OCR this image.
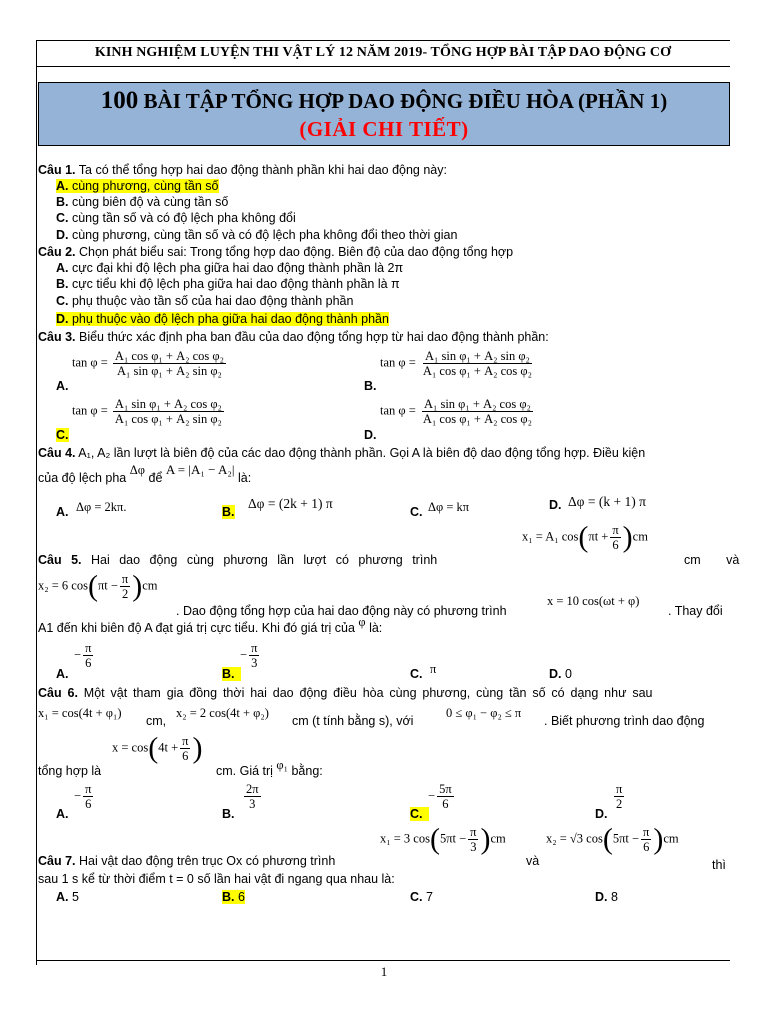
KINH NGHIỆM LUYỆN THI VẬT LÝ 12 NĂM 2019- TỔNG HỢP BÀI TẬP DAO ĐỘNG CƠ
100 BÀI TẬP TỔNG HỢP DAO ĐỘNG ĐIỀU HÒA (PHẦN 1)
(GIẢI CHI TIẾT)
Câu 1. Ta có thể tổng hợp hai dao động thành phần khi hai dao động này:
A. cùng phương, cùng tần số
B. cùng biên độ và cùng tần số
C. cùng tần số và có độ lệch pha không đổi
D. cùng phương, cùng tần số và có độ lệch pha không đổi theo thời gian
Câu 2. Chọn phát biểu sai: Trong tổng hợp dao động. Biên độ của dao động tổng hợp
A. cực đại khi độ lệch pha giữa hai dao động thành phần là 2π
B. cực tiểu khi độ lệch pha giữa hai dao động thành phần là π
C. phụ thuộc vào tần số của hai dao động thành phần
D. phụ thuộc vào độ lệch pha giữa hai dao động thành phần
Câu 3. Biểu thức xác định pha ban đầu của dao động tổng hợp từ hai dao động thành phần:
A.
$\tan \varphi = \frac{\text{A₁ cos φ₁ + A₂ cos φ₂}}{\text{A₁ sin φ₁ + A₂ sin φ₂}}$
B.
$\tan \varphi = \frac{\text{A₁ sin φ₁ + A₂ sin φ₂}}{\text{A₁ cos φ₁ + A₂ cos φ₂}}$
C.
$\tan \varphi = \frac{\text{A₁ sin φ₁ + A₂ cos φ₂}}{\text{A₁ cos φ₁ + A₂ sin φ₂}}$
D.
$\tan \varphi = \frac{\text{A₁ sin φ₁ + A₂ cos φ₂}}{\text{A₁ cos φ₁ + A₂ cos φ₂}}$
Câu 4. A₁, A₂ lần lượt là biên độ của các dao động thành phần. Gọi A là biên độ dao động tổng hợp. Điều kiện
của độ lệch pha Δφ để A = |A₁ − A₂| là:
A. Δφ = 2kπ.	B.
Δφ = (2k + 1) π
C. Δφ = kπ	D. Δφ = (k + 1) π
Câu 5. Hai dao động cùng phương lần lượt có phương trình
x₁ = A₁ $\cos(\pi t + \frac{\pi}{6} )cm$
cm và
x₂ = 6 $\cos(\pi t - \frac{\pi}{2} )cm$
. Dao động tổng hợp của hai dao động này có phương trình
x = 10 cos(ωt + φ)
. Thay đổi
A1 đến khi biên độ A đạt giá trị cực tiểu. Khi đó giá trị của φ là:
A.
− $\frac{\pi}{6}$
B.
− $\frac{\pi}{3}$
C. π	D. 0
Câu 6. Một vật tham gia đồng thời hai dao động điều hòa cùng phương, cùng tần số có dạng như sau
x₁ = cos(4t + φ₁)
cm,
x₂ = 2 cos(4t + φ₂)
cm (t tính bằng s), với
0 ≤ φ₁ − φ₂ ≤ π
. Biết phương trình dao động
tổng hợp là
$x = \cos(4t + \frac{\pi}{6}$ )
cm. Giá trị φ₁ bằng:
A.
− $\frac{\pi}{6}$
B.
$\frac{2\pi}{3}$
C.
− $\frac{5\pi}{6}$
D.
$\frac{\pi}{2}$
Câu 7. Hai vật dao động trên trục Ox có phương trình
x₁ = 3 $\cos(5\pi t - \frac{\pi}{3} )cm$
và
x₂ = √3 $\cos(5\pi t - \frac{\pi}{6} )cm$
thì
sau 1 s kể từ thời điểm t = 0 số lần hai vật đi ngang qua nhau là:
A. 5	B. 6	C. 7	D. 8
1
